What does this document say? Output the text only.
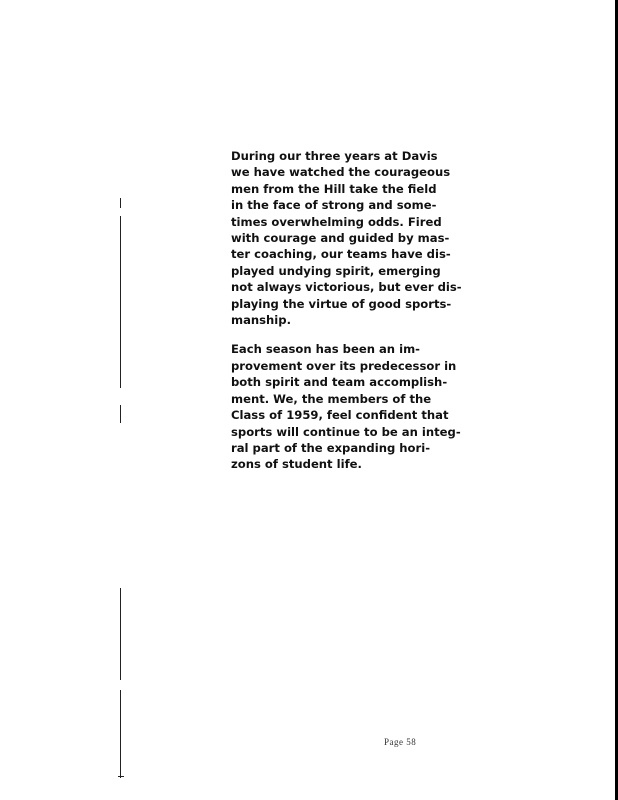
During our three years at Davis
we have watched the courageous
men from the Hill take the field
in the face of strong and some-
times overwhelming odds. Fired
with courage and guided by mas-
ter coaching, our teams have dis-
played undying spirit, emerging
not always victorious, but ever dis-
playing the virtue of good sports-
manship.
Each season has been an im-
provement over its predecessor in
both spirit and team accomplish-
ment. We, the members of the
Class of 1959, feel confident that
sports will continue to be an integ-
ral part of the expanding hori-
zons of student life.
Page 58
